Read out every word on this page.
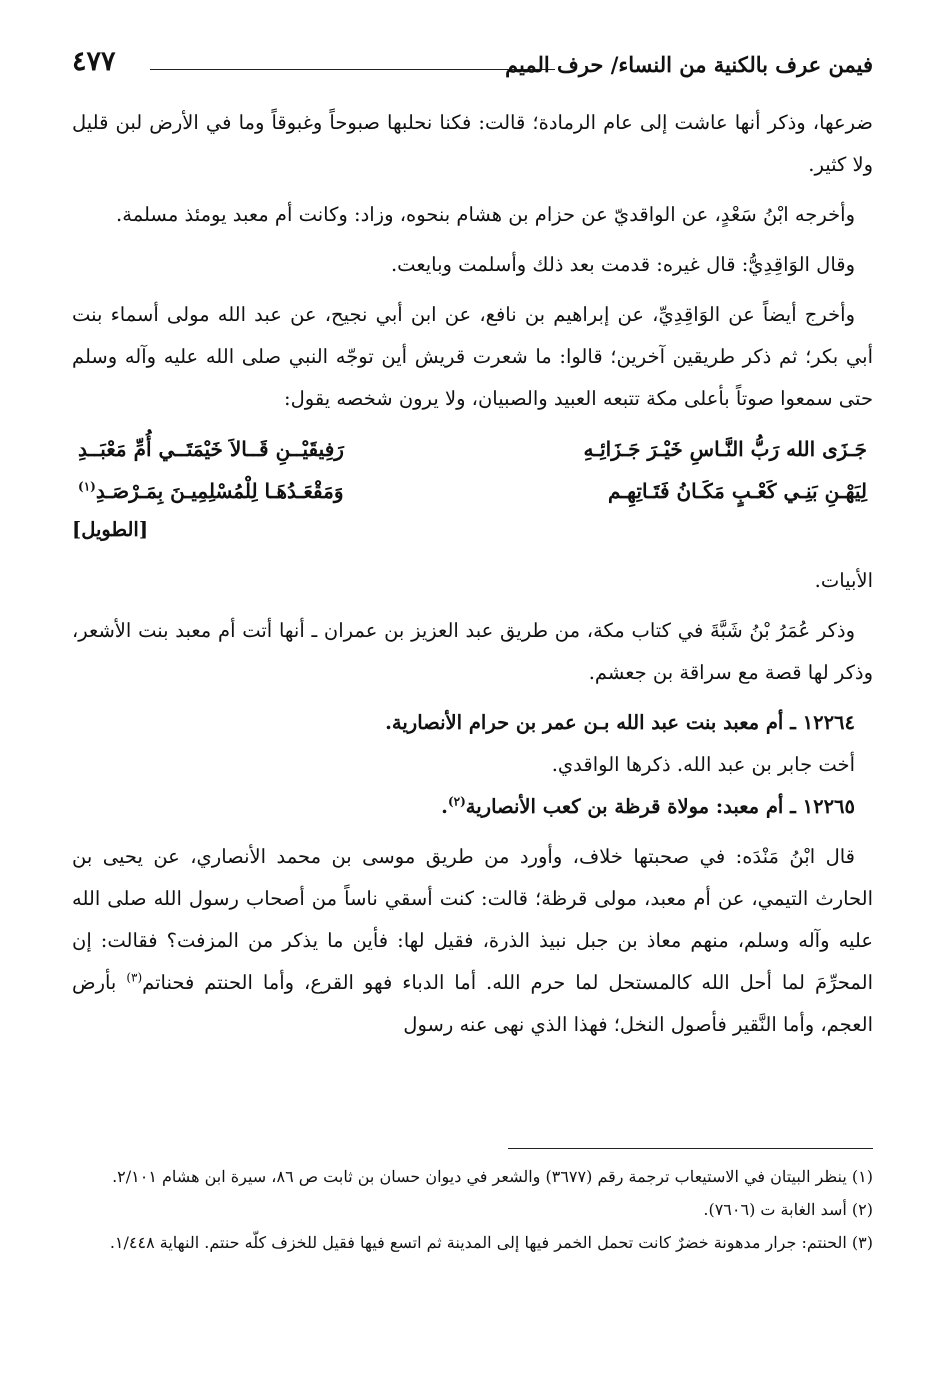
٤٧٧	فيمن عرف بالكنية من النساء/ حرف الميم

ضرعها، وذكر أنها عاشت إلى عام الرمادة؛ قالت: فكنا نحلبها صبوحاً وغبوقاً وما في الأرض لبن قليل ولا كثير.

وأخرجه ابْنُ سَعْدٍ، عن الواقديّ عن حزام بن هشام بنحوه، وزاد: وكانت أم معبد يومئذ مسلمة.

وقال الوَاقِدِيُّ: قال غيره: قدمت بعد ذلك وأسلمت وبايعت.

وأخرج أيضاً عن الوَاقِدِيِّ، عن إبراهيم بن نافع، عن ابن أبي نجيح، عن عبد الله مولى أسماء بنت أبي بكر؛ ثم ذكر طريقين آخرين؛ قالوا: ما شعرت قريش أين توجّه النبي صلى الله عليه وآله وسلم حتى سمعوا صوتاً بأعلى مكة تتبعه العبيد والصبيان، ولا يرون شخصه يقول:

جَـزَى الله رَبُّ النَّـاسِ خَيْـرَ جَـزَائِـهِ
رَفِيقَيْــنِ قَــالاَ خَيْمَتَــي أُمِّ مَعْبَــدِ
لِيَهْـنِ بَنِـي كَعْـبٍ مَكَـانُ فَتَـاتِهِـم
وَمَقْعَـدُهَـا لِلْمُسْلِمِيـنَ بِمَـرْصَـدِ$^{(١)}$
[الطويل]

الأبيات.

وذكر عُمَرُ بْنُ شَبَّةَ في كتاب مكة، من طريق عبد العزيز بن عمران ـ أنها أتت أم معبد بنت الأشعر، وذكر لها قصة مع سراقة بن جعشم.

١٢٢٦٤ ـ أم معبد بنت عبد الله بـن عمر بن حرام الأنصارية.

أخت جابر بن عبد الله. ذكرها الواقدي.

١٢٢٦٥ ـ أم معبد: مولاة قرظة بن كعب الأنصارية$^{(٢)}$.

قال ابْنُ مَنْدَه: في صحبتها خلاف، وأورد من طريق موسى بن محمد الأنصاري، عن يحيى بن الحارث التيمي، عن أم معبد، مولى قرظة؛ قالت: كنت أسقي ناساً من أصحاب رسول الله صلى الله عليه وآله وسلم، منهم معاذ بن جبل نبيذ الذرة، فقيل لها: فأين ما يذكر من المزفت؟ فقالت: إن المحرِّمَ لما أحل الله كالمستحل لما حرم الله. أما الدباء فهو القرع، وأما الحنتم فحناتم$^{(٣)}$ بأرض العجم، وأما النَّقير فأصول النخل؛ فهذا الذي نهى عنه رسول

(١) ينظر البيتان في الاستيعاب ترجمة رقم (٣٦٧٧) والشعر في ديوان حسان بن ثابت ص ٨٦، سيرة ابن هشام ٢/١٠١.

(٢) أسد الغابة ت (٧٦٠٦).

(٣) الحنتم: جرار مدهونة خضرٌ كانت تحمل الخمر فيها إلى المدينة ثم اتسع فيها فقيل للخزف كلّه حنتم. النهاية ١/٤٤٨.
